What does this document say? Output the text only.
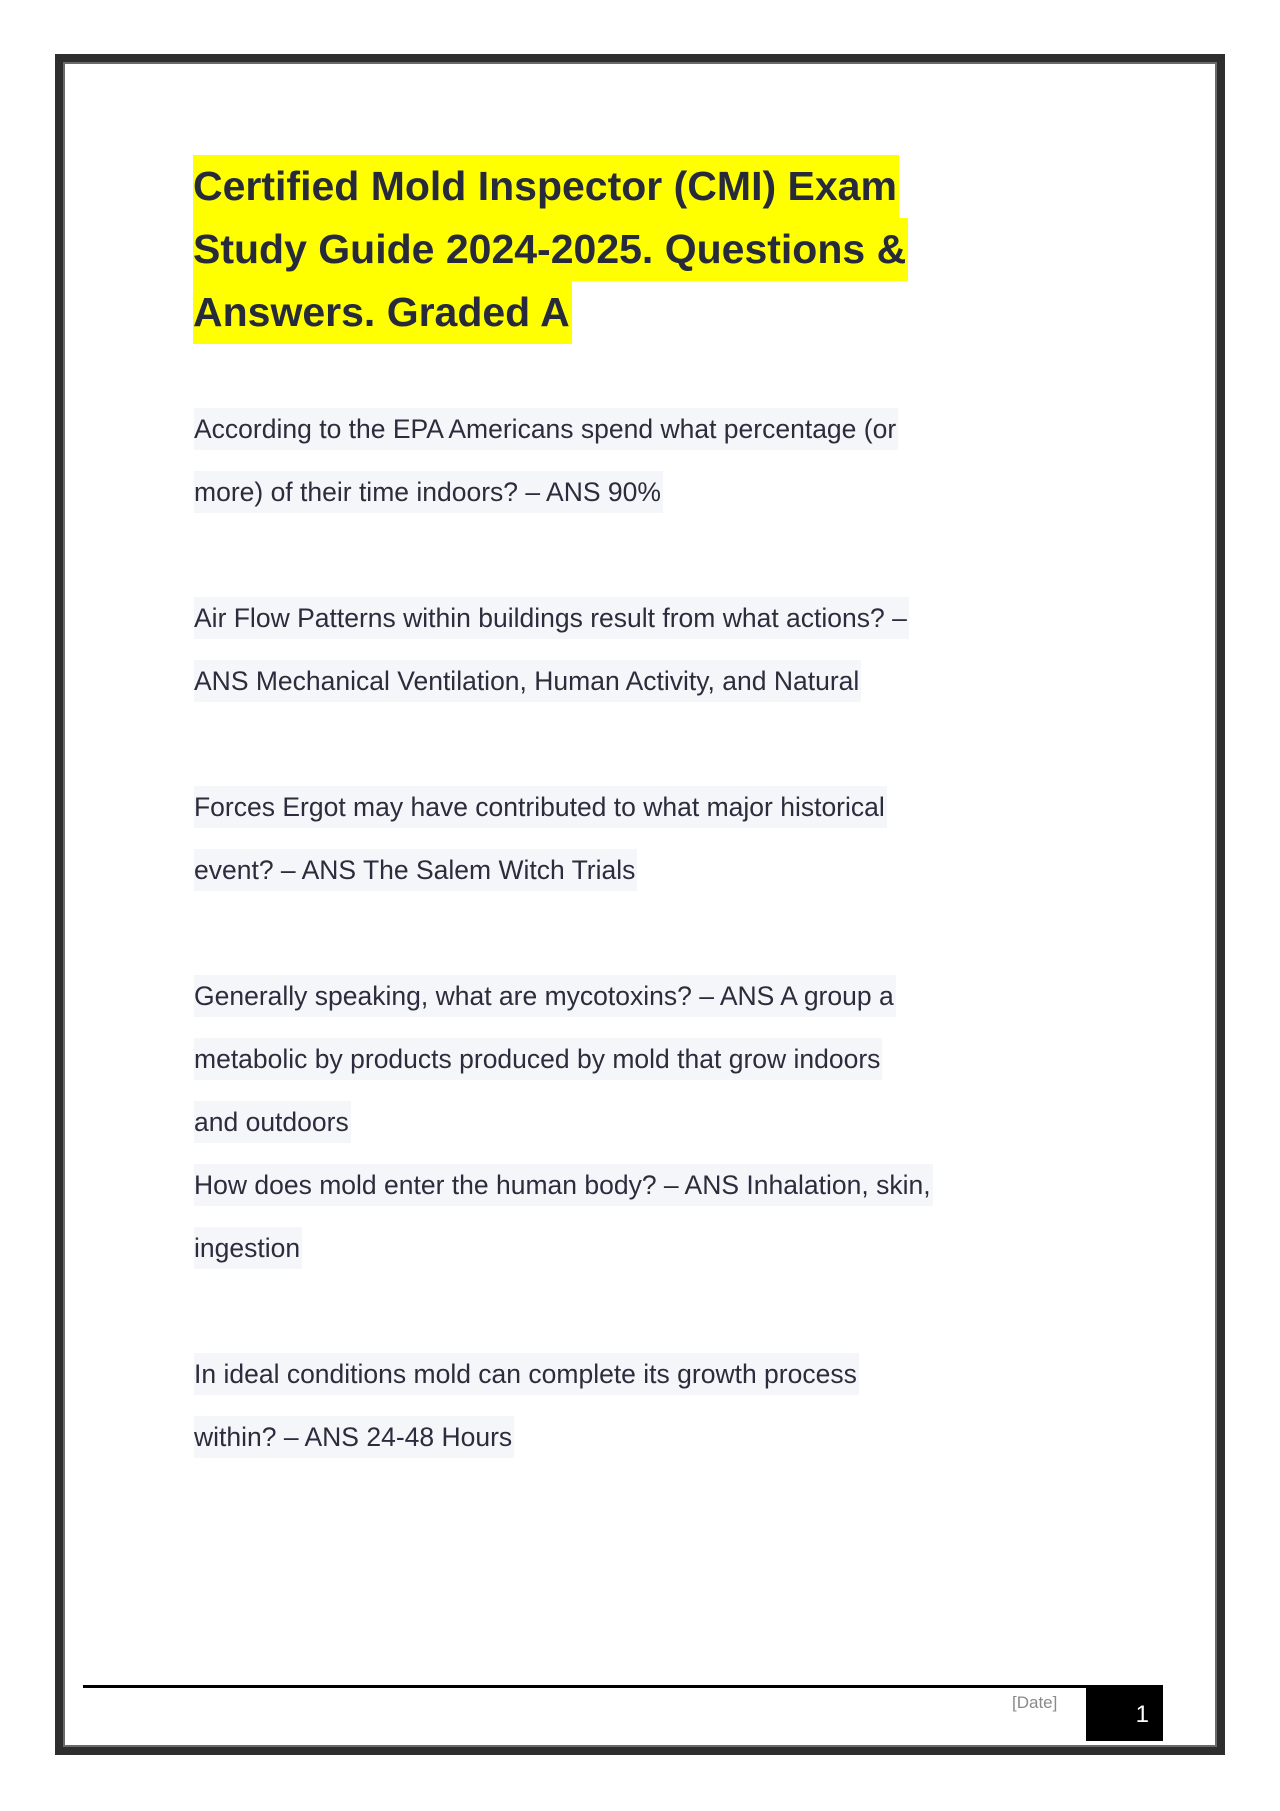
Certified Mold Inspector (CMI) Exam
Study Guide 2024-2025. Questions &
Answers. Graded A
According to the EPA Americans spend what percentage (or
more) of their time indoors? – ANS 90%
Air Flow Patterns within buildings result from what actions? –
ANS Mechanical Ventilation, Human Activity, and Natural
Forces Ergot may have contributed to what major historical
event? – ANS The Salem Witch Trials
Generally speaking, what are mycotoxins? – ANS A group a
metabolic by products produced by mold that grow indoors
and outdoors
How does mold enter the human body? – ANS Inhalation, skin,
ingestion
In ideal conditions mold can complete its growth process
within? – ANS 24-48 Hours
[Date]	1
